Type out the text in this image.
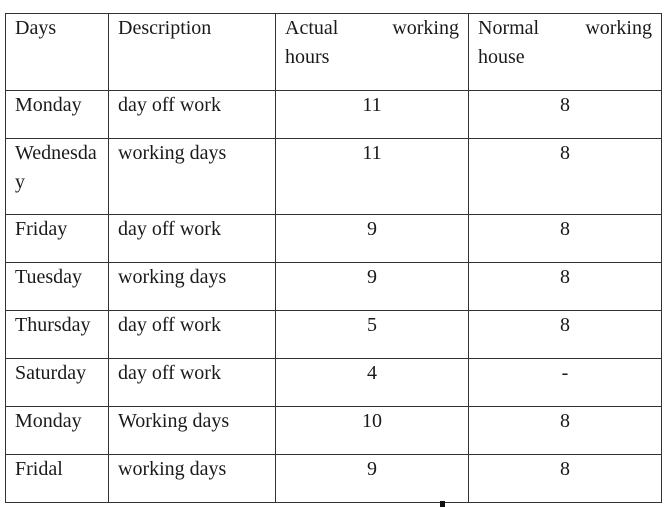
Days	Description	Actual working hours	Normal working house
Monday	day off work	11	8
Wednesday	working days	11	8
Friday	day off work	9	8
Tuesday	working days	9	8
Thursday	day off work	5	8
Saturday	day off work	4	-
Monday	Working days	10	8
Fridal	working days	9	8
